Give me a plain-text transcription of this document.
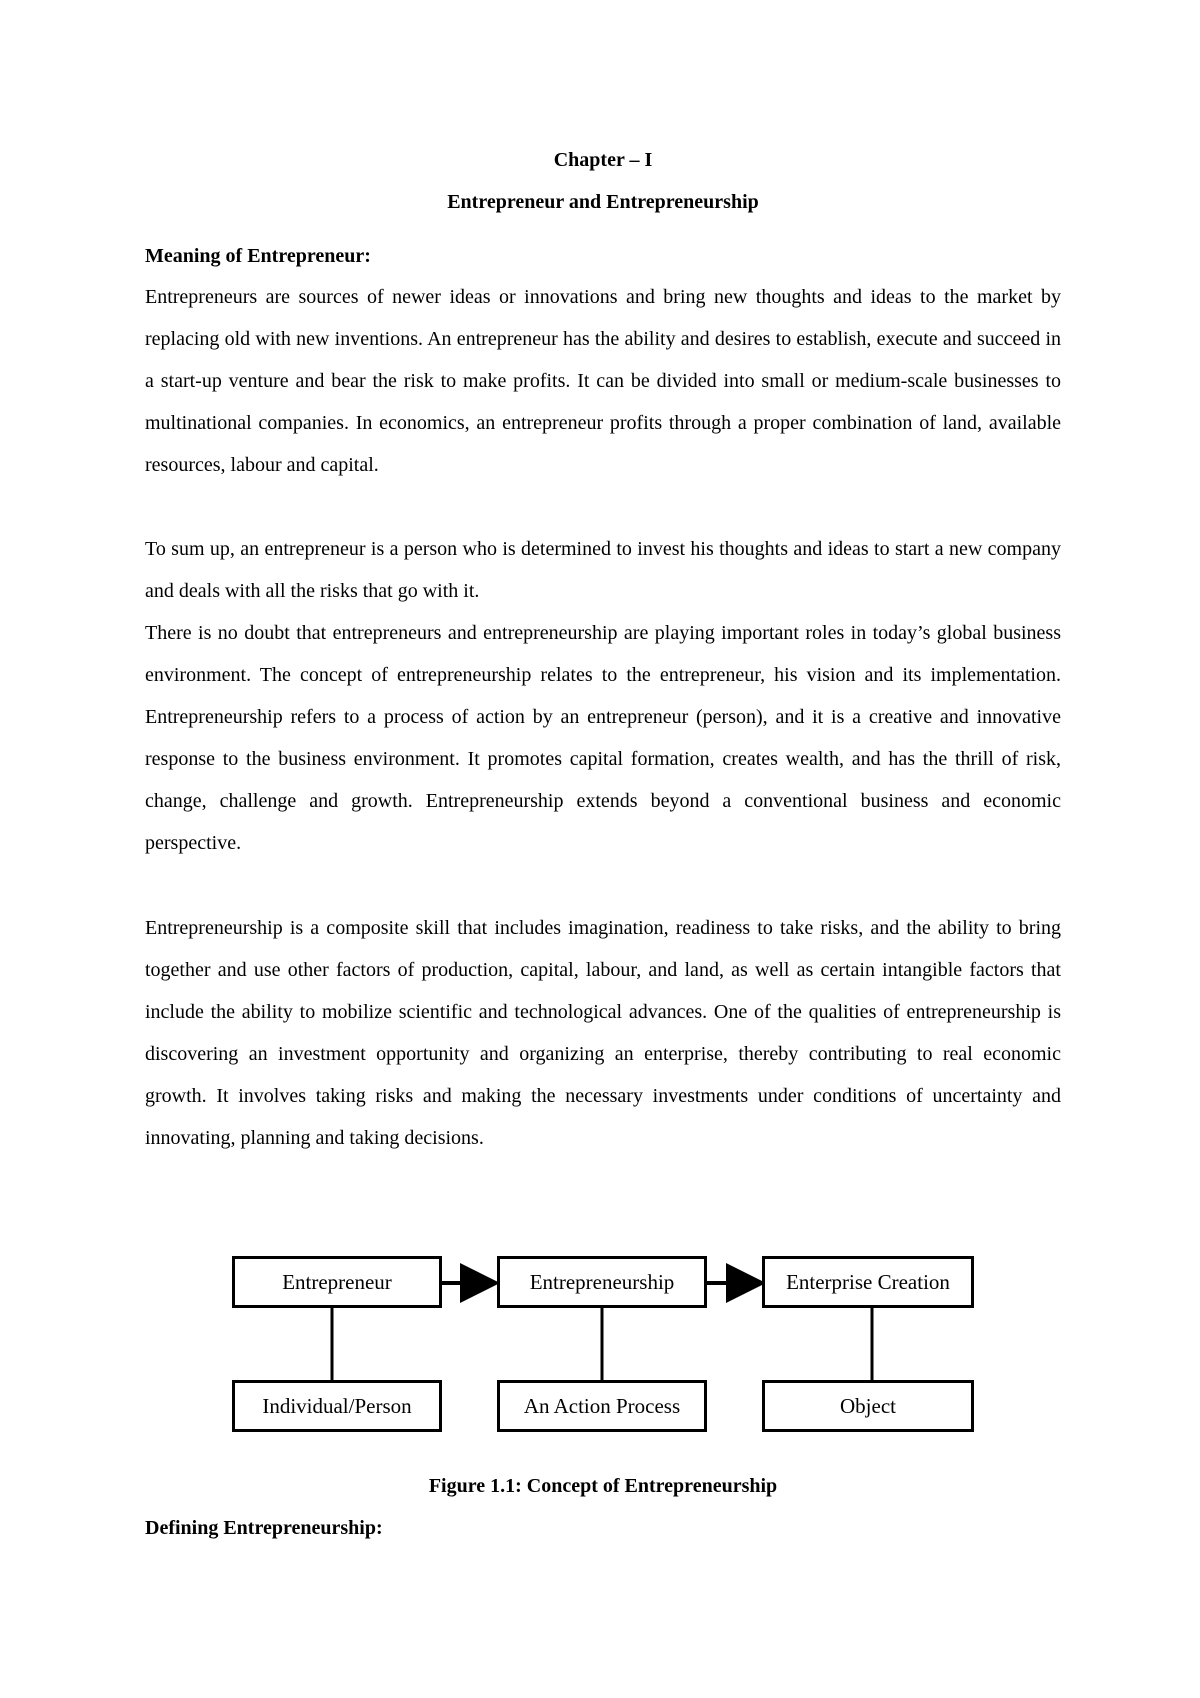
Chapter – I
Entrepreneur and Entrepreneurship
Meaning of Entrepreneur:
Entrepreneurs are sources of newer ideas or innovations and bring new thoughts and ideas to the market by replacing old with new inventions. An entrepreneur has the ability and desires to establish, execute and succeed in a start-up venture and bear the risk to make profits. It can be divided into small or medium-scale businesses to multinational companies. In economics, an entrepreneur profits through a proper combination of land, available resources, labour and capital.
To sum up, an entrepreneur is a person who is determined to invest his thoughts and ideas to start a new company and deals with all the risks that go with it.
There is no doubt that entrepreneurs and entrepreneurship are playing important roles in today’s global business environment. The concept of entrepreneurship relates to the entrepreneur, his vision and its implementation. Entrepreneurship refers to a process of action by an entrepreneur (person), and it is a creative and innovative response to the business environment. It promotes capital formation, creates wealth, and has the thrill of risk, change, challenge and growth. Entrepreneurship extends beyond a conventional business and economic perspective.
Entrepreneurship is a composite skill that includes imagination, readiness to take risks, and the ability to bring together and use other factors of production, capital, labour, and land, as well as certain intangible factors that include the ability to mobilize scientific and technological advances. One of the qualities of entrepreneurship is discovering an investment opportunity and organizing an enterprise, thereby contributing to real economic growth. It involves taking risks and making the necessary investments under conditions of uncertainty and innovating, planning and taking decisions.
Entrepreneur	Entrepreneurship	Enterprise Creation
Individual/Person	An Action Process	Object
Figure 1.1: Concept of Entrepreneurship
Defining Entrepreneurship:
